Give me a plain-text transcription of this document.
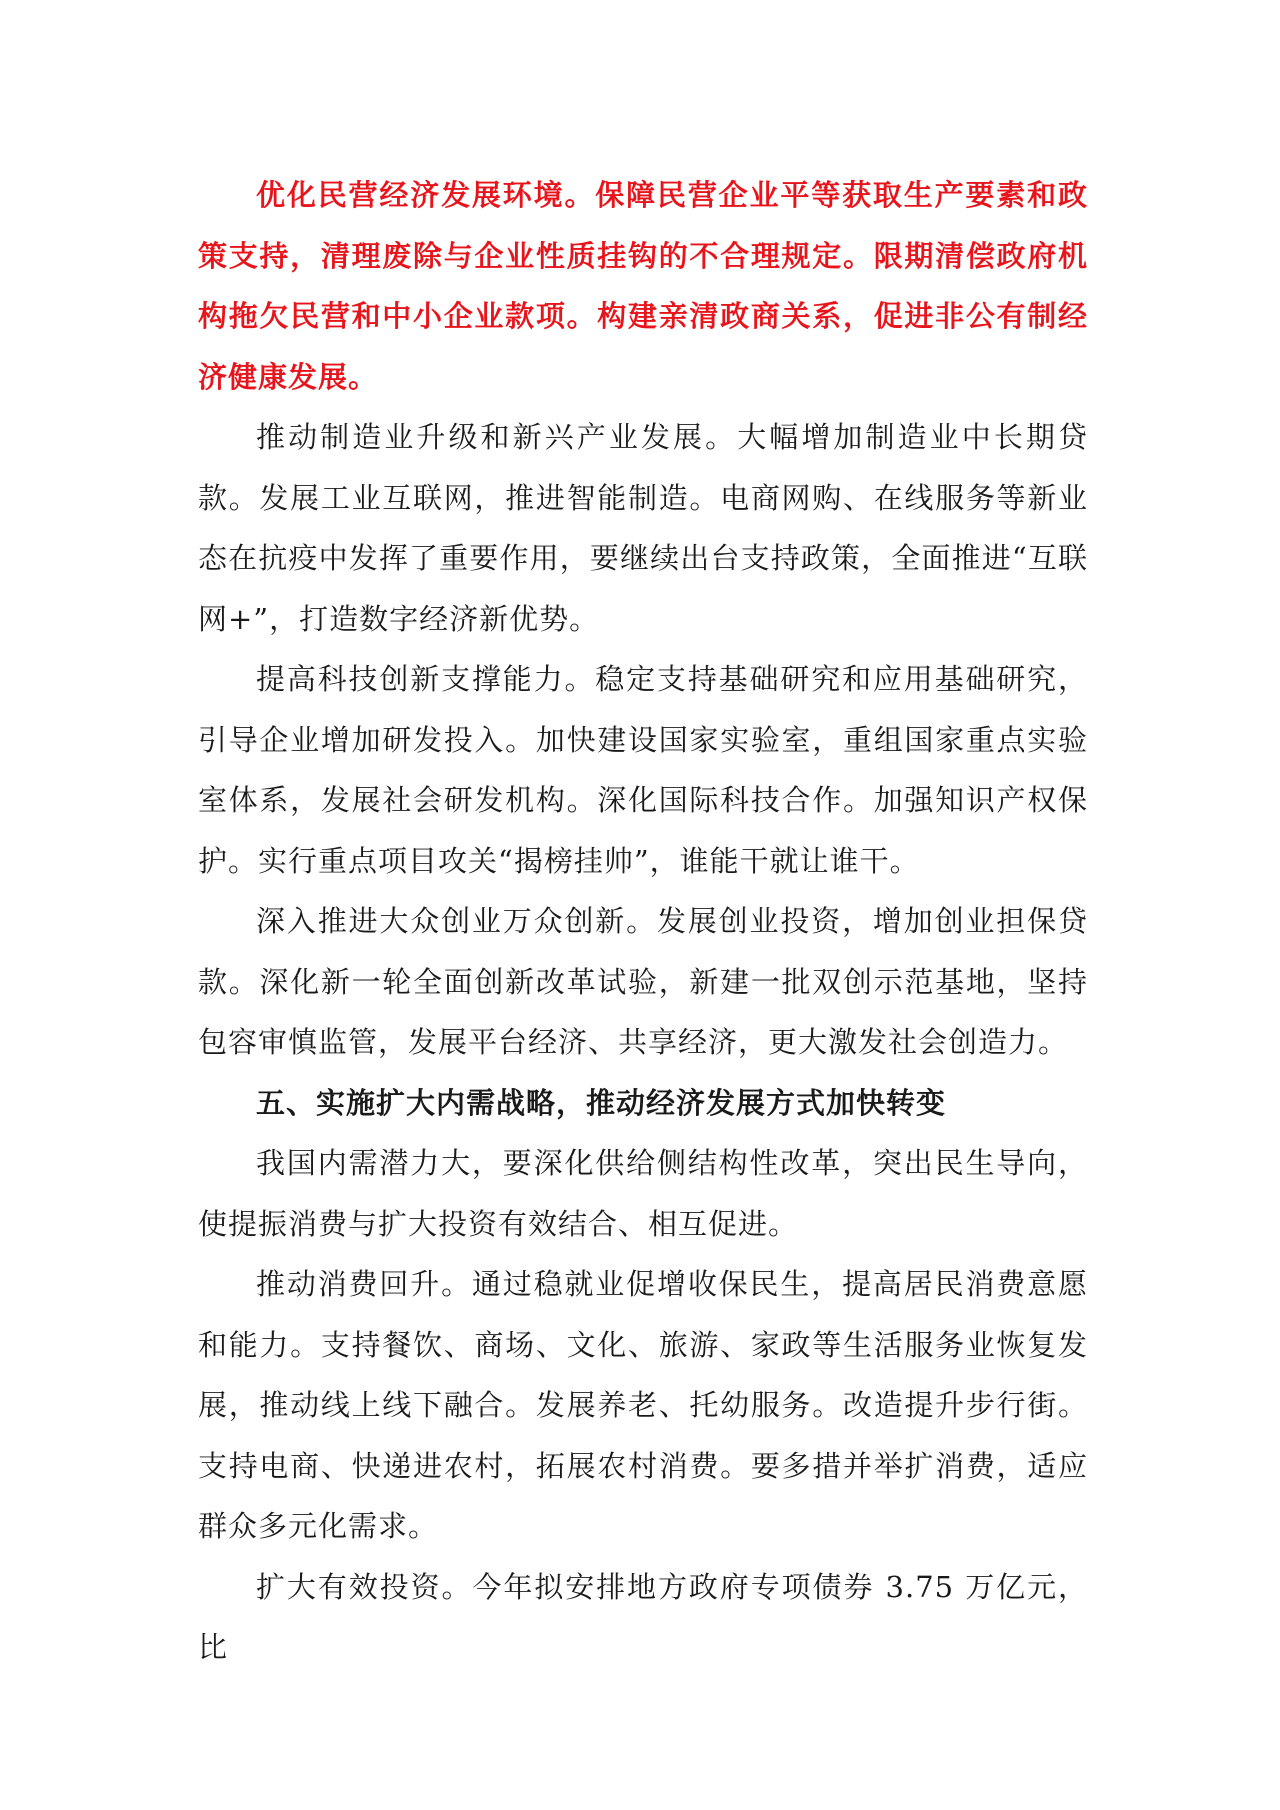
优化民营经济发展环境。保障民营企业平等获取生产要素和政策支持，清理废除与企业性质挂钩的不合理规定。限期清偿政府机构拖欠民营和中小企业款项。构建亲清政商关系，促进非公有制经济健康发展。

推动制造业升级和新兴产业发展。大幅增加制造业中长期贷款。发展工业互联网，推进智能制造。电商网购、在线服务等新业态在抗疫中发挥了重要作用，要继续出台支持政策，全面推进“互联网+”，打造数字经济新优势。

提高科技创新支撑能力。稳定支持基础研究和应用基础研究，引导企业增加研发投入。加快建设国家实验室，重组国家重点实验室体系，发展社会研发机构。深化国际科技合作。加强知识产权保护。实行重点项目攻关“揭榜挂帅”，谁能干就让谁干。

深入推进大众创业万众创新。发展创业投资，增加创业担保贷款。深化新一轮全面创新改革试验，新建一批双创示范基地，坚持包容审慎监管，发展平台经济、共享经济，更大激发社会创造力。

五、实施扩大内需战略，推动经济发展方式加快转变

我国内需潜力大，要深化供给侧结构性改革，突出民生导向，使提振消费与扩大投资有效结合、相互促进。

推动消费回升。通过稳就业促增收保民生，提高居民消费意愿和能力。支持餐饮、商场、文化、旅游、家政等生活服务业恢复发展，推动线上线下融合。发展养老、托幼服务。改造提升步行街。支持电商、快递进农村，拓展农村消费。要多措并举扩消费，适应群众多元化需求。

扩大有效投资。今年拟安排地方政府专项债券 3.75 万亿元，比
